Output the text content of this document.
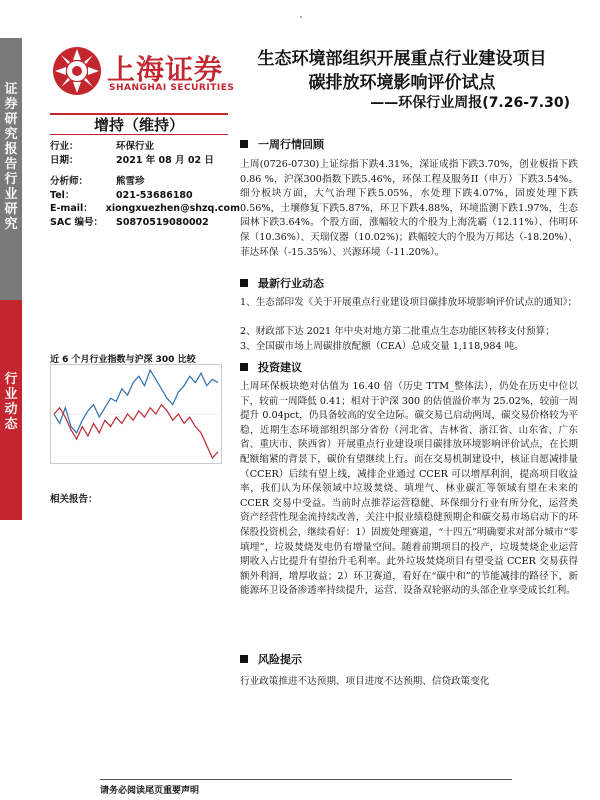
证券研究报告 行业研究
行业动态
上海证券
SHANGHAI SECURITIES
生态环境部组织开展重点行业建设项目
碳排放环境影响评价试点
——环保行业周报(7.26-7.30)
增持（维持）
行业：	环保行业
日期：	2021 年 08 月 02 日
分析师：	熊雪珍
Tel：	021-53686180
E-mail：	xiongxuezhen@shzq.com
SAC 编号：	S0870519080002
近 6 个月行业指数与沪深 300 比较
相关报告：
一周行情回顾
上周(0726-0730)上证综指下跌4.31%，深证成指下跌3.70%，创业板指下跌0.86 %，沪深300指数下跌5.46%，环保工程及服务II（申万）下跌3.54%。细分板块方面，大气治理下跌5.05%，水处理下跌4.07%，固废处理下跌0.56%，土壤修复下跌5.87%，环卫下跌4.88%，环境监测下跌1.97%，生态园林下跌3.64%。个股方面，涨幅较大的个股为上海洗霸（12.11%）、伟明环保（10.36%）、天瑞仪器（10.02%)；跌幅较大的个股为万邦达（-18.20%）、菲达环保（-15.35%）、兴源环境（-11.20%）。
最新行业动态
1、生态部印发《关于开展重点行业建设项目碳排放环境影响评价试点的通知》；
2、财政部下达 2021 年中央对地方第二批重点生态功能区转移支付预算；
3、全国碳市场上周碳排放配额（CEA）总成交量 1,118,984 吨。
投资建议
上周环保板块绝对估值为 16.40 倍（历史 TTM_整体法），仍处在历史中位以下，较前一周降低 0.41；相对于沪深 300 的估值溢价率为 25.02%，较前一周提升 0.04pct，仍具备较高的安全边际。碳交易已启动两周，碳交易价格较为平稳，近期生态环境部组织部分省份（河北省、吉林省、浙江省、山东省、广东省、重庆市、陕西省）开展重点行业建设项目碳排放环境影响评价试点，在长期配额缩紧的背景下，碳价有望继续上行。而在交易机制建设中，核证自愿减排量（CCER）后续有望上线，减排企业通过 CCER 可以增厚利润，提高项目收益率，我们认为环保领域中垃圾焚烧、填埋气、林业碳汇等领域有望在未来的 CCER 交易中受益。当前时点推荐运营稳健、环保细分行业有所分化，运营类资产经营性现金流持续改善，关注中报业绩稳健预期企和碳交易市场启动下的环保股投资机会，继续看好：1）固废处理赛道，“十四五”明确要求对部分城市“零填埋”，垃圾焚烧发电仍有增量空间。随着前期项目的投产，垃圾焚烧企业运营期收入占比提升有望抬升毛利率。此外垃圾焚烧项目有望受益 CCER 交易获得额外利润，增厚收益；2）环卫赛道，看好在“碳中和”的节能减排的路径下，新能源环卫设备渗透率持续提升，运营、设备双轮驱动的头部企业享受成长红利。
风险提示
行业政策推进不达预期、项目进度不达预期、信贷政策变化
请务必阅读尾页重要声明
